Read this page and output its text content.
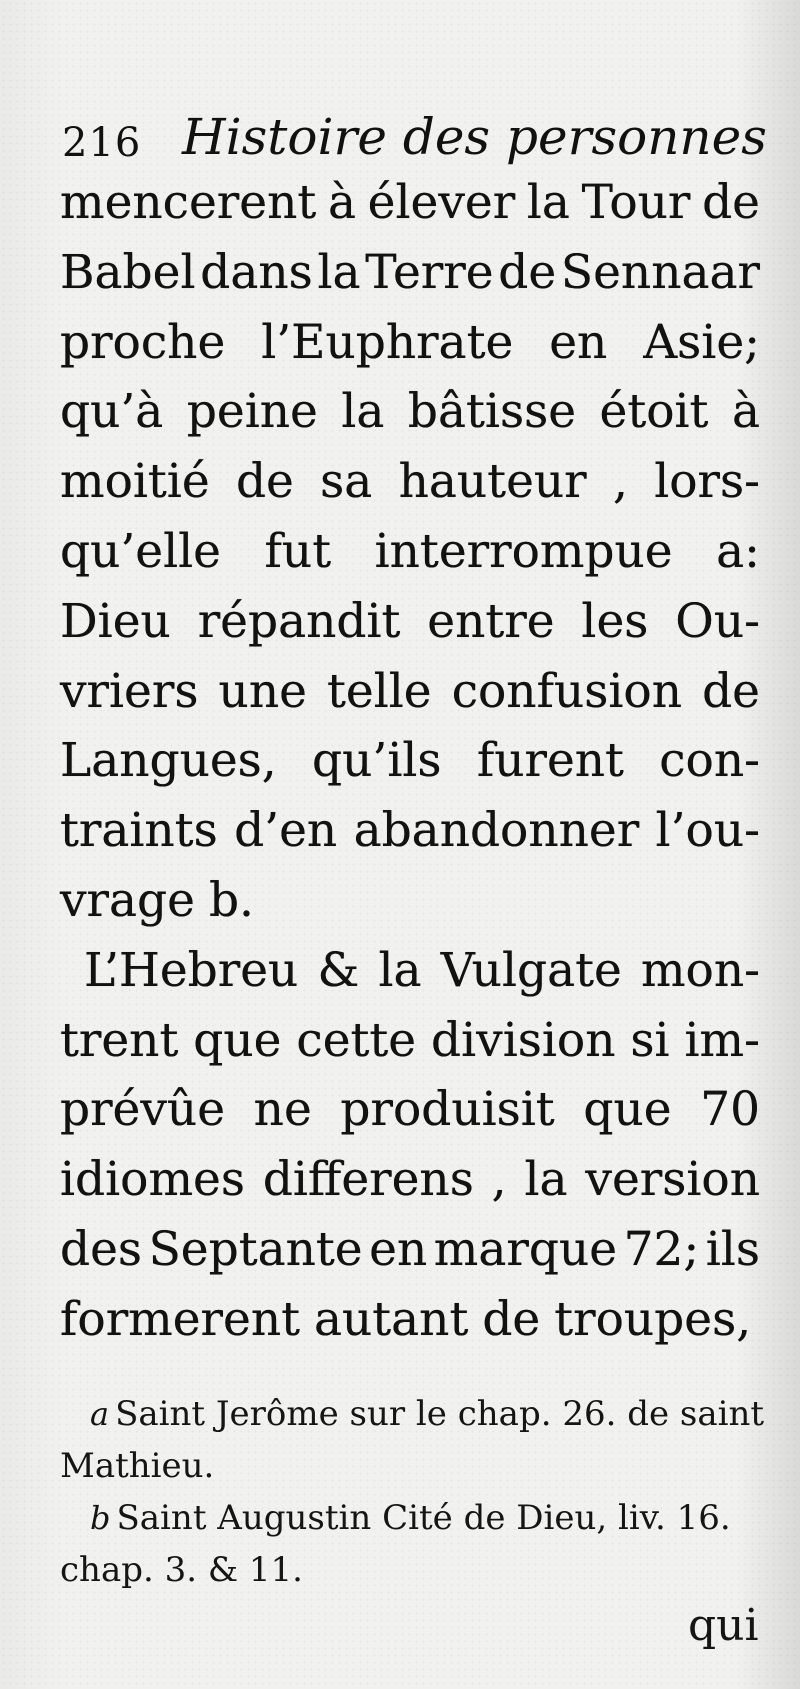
216 Histoire des personnes
mencerent à élever la Tour de
Babel dans la Terre de Sennaar
proche l’Euphrate en Asie;
qu’à peine la bâtisse étoit à
moitié de sa hauteur , lors-
qu’elle fut interrompue a:
Dieu répandit entre les Ou-
vriers une telle confusion de
Langues, qu’ils furent con-
traints d’en abandonner l’ou-
vrage b.
L’Hebreu & la Vulgate mon-
trent que cette division si im-
prévûe ne produisit que 70
idiomes differens , la version
des Septante en marque 72; ils
formerent autant de troupes,
a Saint Jerôme sur le chap. 26. de saint
Mathieu.
b Saint Augustin Cité de Dieu, liv. 16.
chap. 3. & 11.
qui
